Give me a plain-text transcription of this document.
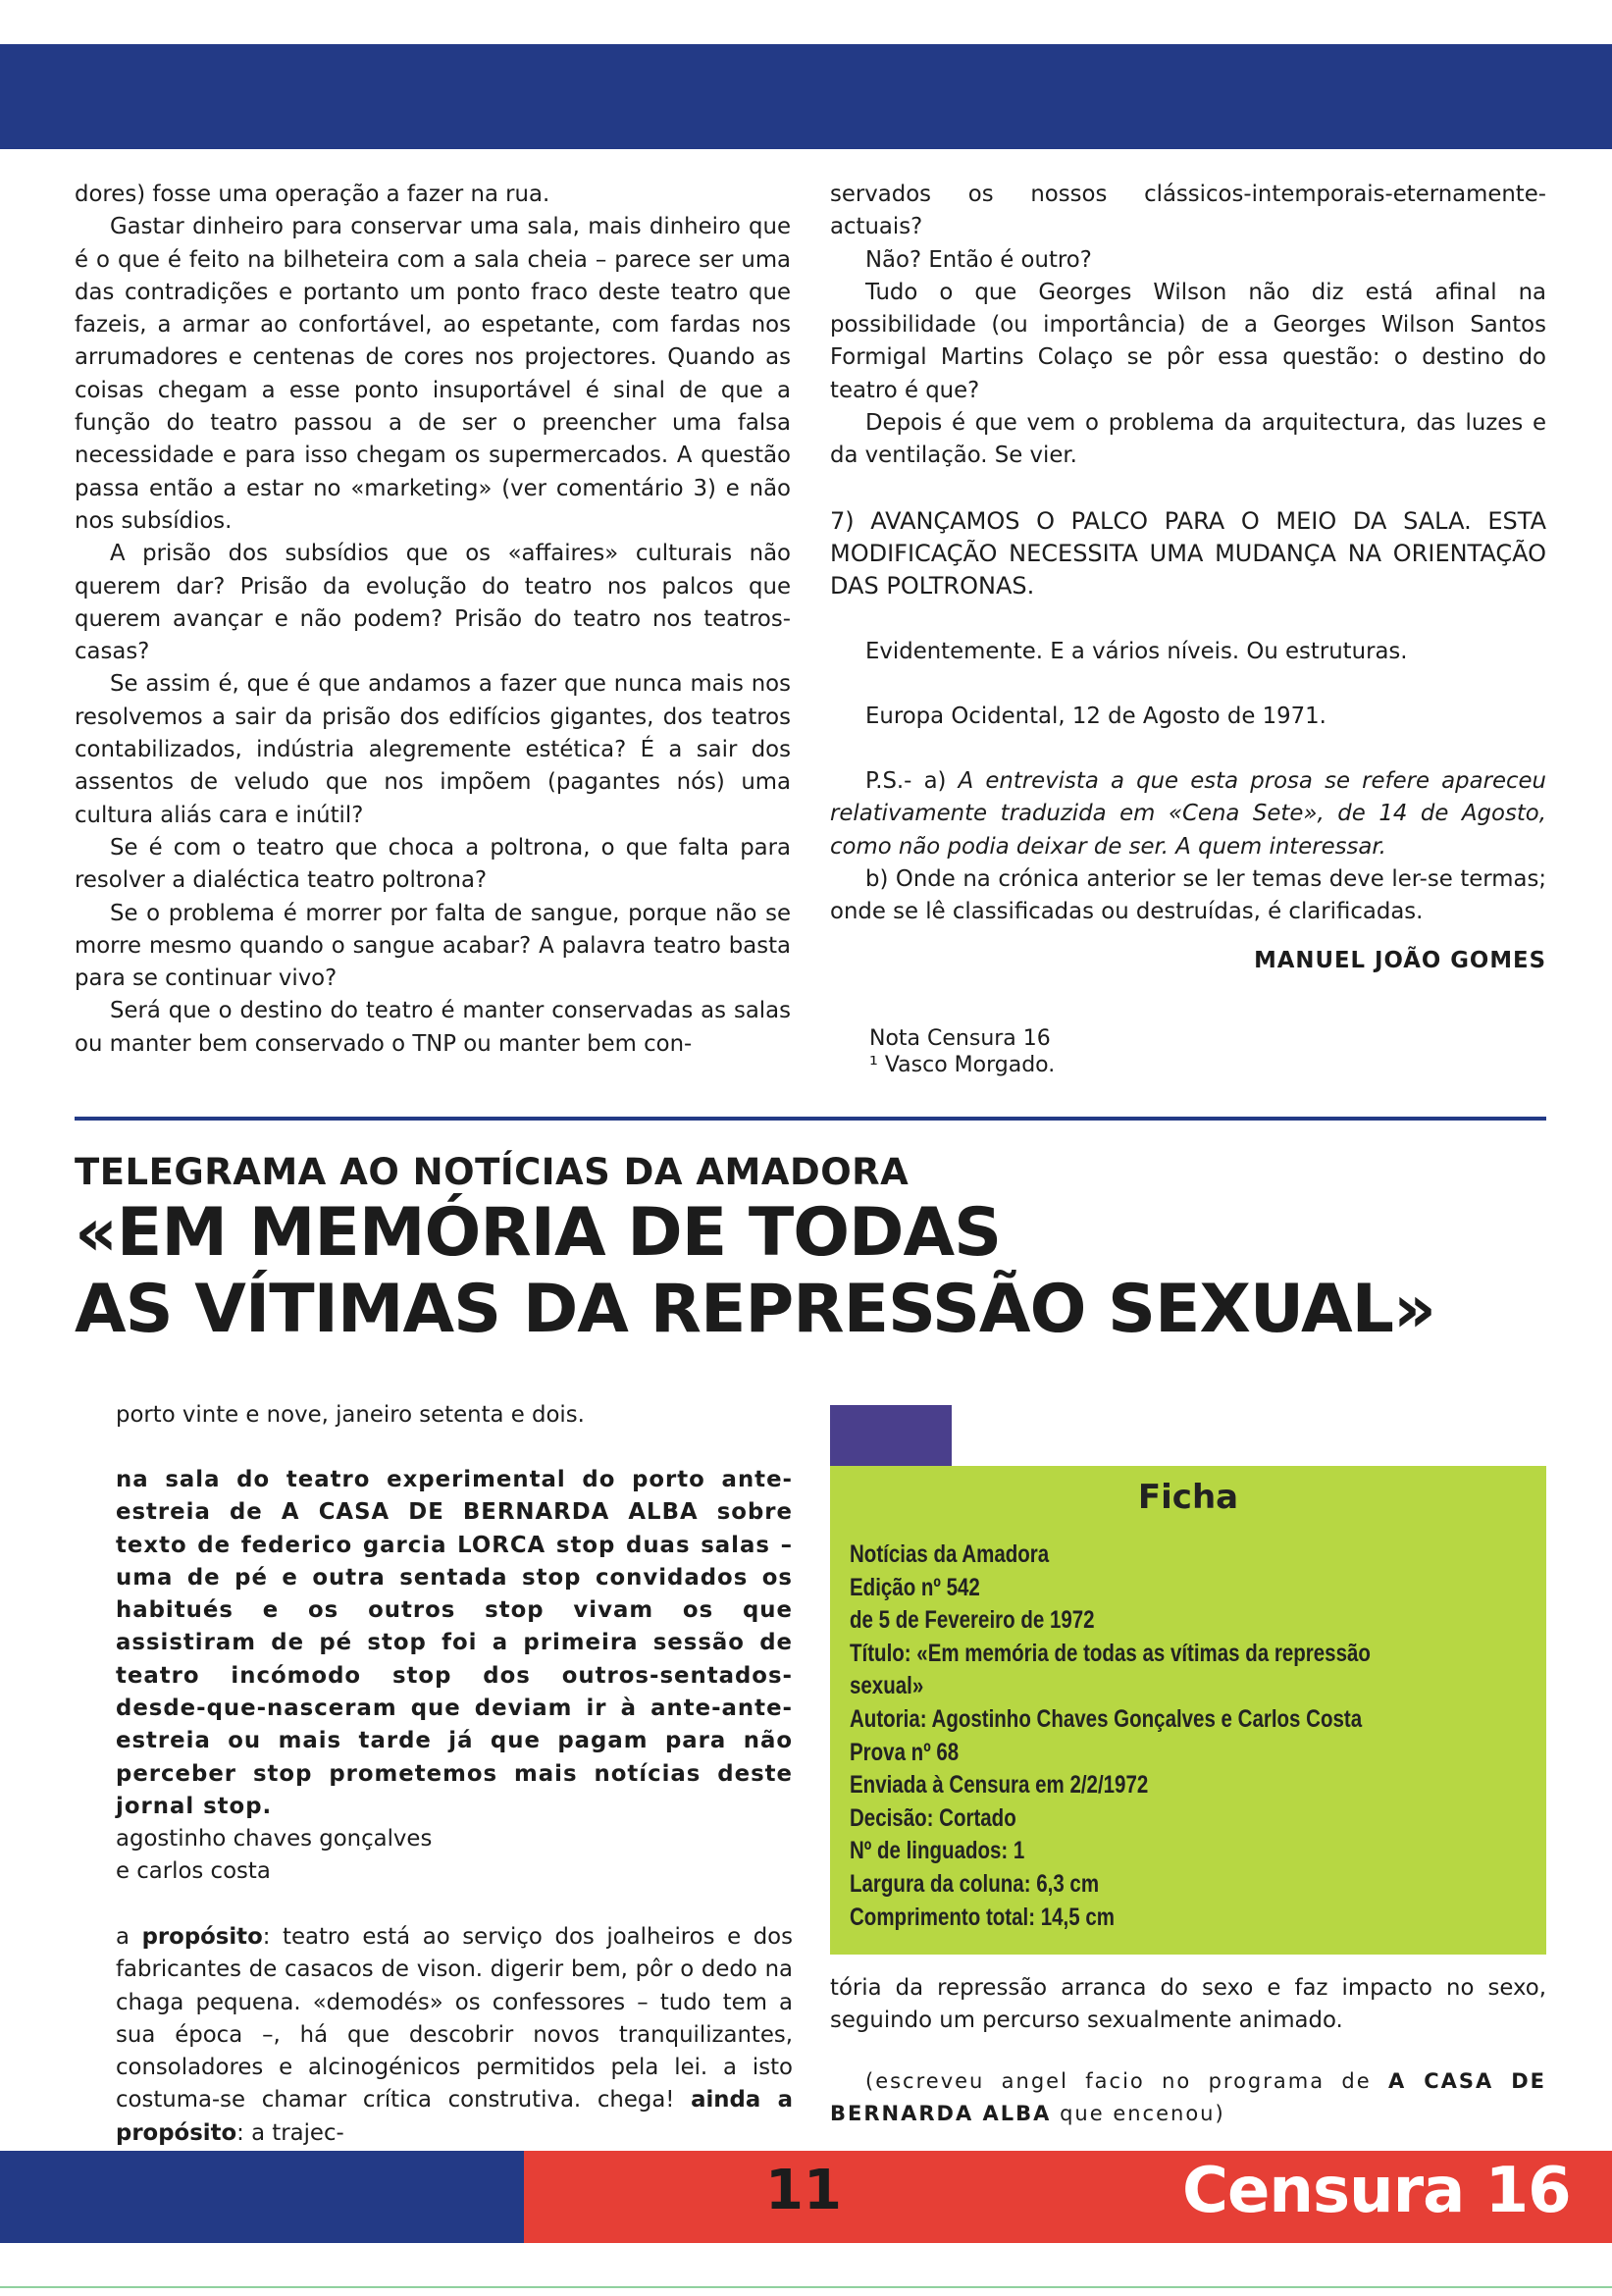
dores) fosse uma operação a fazer na rua.

Gastar dinheiro para conservar uma sala, mais dinheiro que é o que é feito na bilheteira com a sala cheia – parece ser uma das contradições e portanto um ponto fraco deste teatro que fazeis, a armar ao confortável, ao espetante, com fardas nos arrumadores e centenas de cores nos projectores. Quando as coisas chegam a esse ponto insuportável é sinal de que a função do teatro passou a de ser o preencher uma falsa necessidade e para isso chegam os supermercados. A questão passa então a estar no «marketing» (ver comentário 3) e não nos subsídios.

A prisão dos subsídios que os «affaires» culturais não querem dar? Prisão da evolução do teatro nos palcos que querem avançar e não podem? Prisão do teatro nos teatros-casas?

Se assim é, que é que andamos a fazer que nunca mais nos resolvemos a sair da prisão dos edifícios gigantes, dos teatros contabilizados, indústria alegremente estética? É a sair dos assentos de veludo que nos impõem (pagantes nós) uma cultura aliás cara e inútil?

Se é com o teatro que choca a poltrona, o que falta para resolver a dialéctica teatro poltrona?

Se o problema é morrer por falta de sangue, porque não se morre mesmo quando o sangue acabar? A palavra teatro basta para se continuar vivo?

Será que o destino do teatro é manter conservadas as salas ou manter bem conservado o TNP ou manter bem con-

servados os nossos clássicos-intemporais-eternamente-actuais?

Não? Então é outro?

Tudo o que Georges Wilson não diz está afinal na possibilidade (ou importância) de a Georges Wilson Santos Formigal Martins Colaço se pôr essa questão: o destino do teatro é que?

Depois é que vem o problema da arquitectura, das luzes e da ventilação. Se vier.

7) AVANÇAMOS O PALCO PARA O MEIO DA SALA. ESTA MODIFICAÇÃO NECESSITA UMA MUDANÇA NA ORIENTAÇÃO DAS POLTRONAS.

Evidentemente. E a vários níveis. Ou estruturas.

Europa Ocidental, 12 de Agosto de 1971.

P.S.- a) A entrevista a que esta prosa se refere apareceu relativamente traduzida em «Cena Sete», de 14 de Agosto, como não podia deixar de ser. A quem interessar.

b) Onde na crónica anterior se ler temas deve ler-se termas; onde se lê classificadas ou destruídas, é clarificadas.

MANUEL JOÃO GOMES

Nota Censura 16
¹ Vasco Morgado.
TELEGRAMA AO NOTÍCIAS DA AMADORA
«EM MEMÓRIA DE TODAS
AS VÍTIMAS DA REPRESSÃO SEXUAL»
porto vinte e nove, janeiro setenta e dois.
na sala do teatro experimental do porto ante-estreia de A CASA DE BERNARDA ALBA sobre texto de federico garcia LORCA stop duas salas – uma de pé e outra sentada stop convidados os habitués e os outros stop vivam os que assistiram de pé stop foi a primeira sessão de teatro incómodo stop dos outros-sentados-desde-que-nasceram que deviam ir à ante-ante-estreia ou mais tarde já que pagam para não perceber stop prometemos mais notícias deste jornal stop.

agostinho chaves gonçalves

e carlos costa

a propósito: teatro está ao serviço dos joalheiros e dos fabricantes de casacos de vison. digerir bem, pôr o dedo na chaga pequena. «demodés» os confessores – tudo tem a sua época –, há que descobrir novos tranquilizantes, consoladores e alcinogénicos permitidos pela lei. a isto costuma-se chamar crítica construtiva. chega! ainda a propósito: a trajec-

Ficha
Notícias da Amadora
Edição nº 542
de 5 de Fevereiro de 1972
Título: «Em memória de todas as vítimas da repressão
sexual»
Autoria: Agostinho Chaves Gonçalves e Carlos Costa
Prova nº 68
Enviada à Censura em 2/2/1972
Decisão: Cortado
Nº de linguados: 1
Largura da coluna: 6,3 cm
Comprimento total: 14,5 cm

tória da repressão arranca do sexo e faz impacto no sexo, seguindo um percurso sexualmente animado.

(escreveu angel facio no programa de A CASA DE BERNARDA ALBA que encenou)

11	Censura 16
